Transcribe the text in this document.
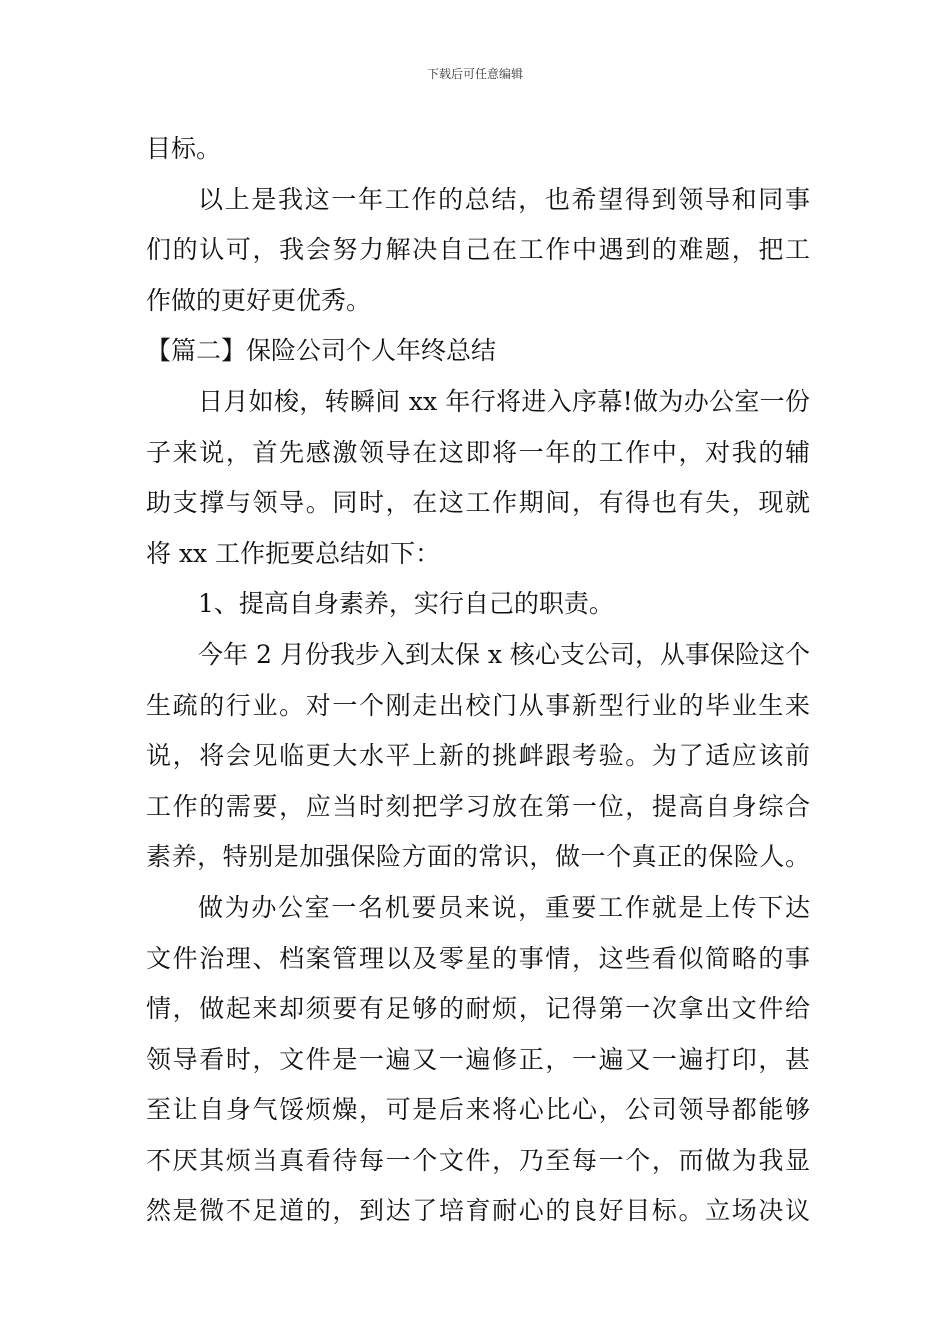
下载后可任意编辑
目标。
以上是我这一年工作的总结，也希望得到领导和同事
们的认可，我会努力解决自己在工作中遇到的难题，把工
作做的更好更优秀。
【篇二】保险公司个人年终总结
日月如梭，转瞬间 xx 年行将进入序幕!做为办公室一份
子来说，首先感激领导在这即将一年的工作中，对我的辅
助支撑与领导。同时，在这工作期间，有得也有失，现就
将 xx 工作扼要总结如下：
1、提高自身素养，实行自己的职责。
今年 2 月份我步入到太保 x 核心支公司，从事保险这个
生疏的行业。对一个刚走出校门从事新型行业的毕业生来
说，将会见临更大水平上新的挑衅跟考验。为了适应该前
工作的需要，应当时刻把学习放在第一位，提高自身综合
素养，特别是加强保险方面的常识，做一个真正的保险人。
做为办公室一名机要员来说，重要工作就是上传下达
文件治理、档案管理以及零星的事情，这些看似简略的事
情，做起来却须要有足够的耐烦，记得第一次拿出文件给
领导看时，文件是一遍又一遍修正，一遍又一遍打印，甚
至让自身气馁烦燥，可是后来将心比心，公司领导都能够
不厌其烦当真看待每一个文件，乃至每一个，而做为我显
然是微不足道的，到达了培育耐心的良好目标。立场决议
